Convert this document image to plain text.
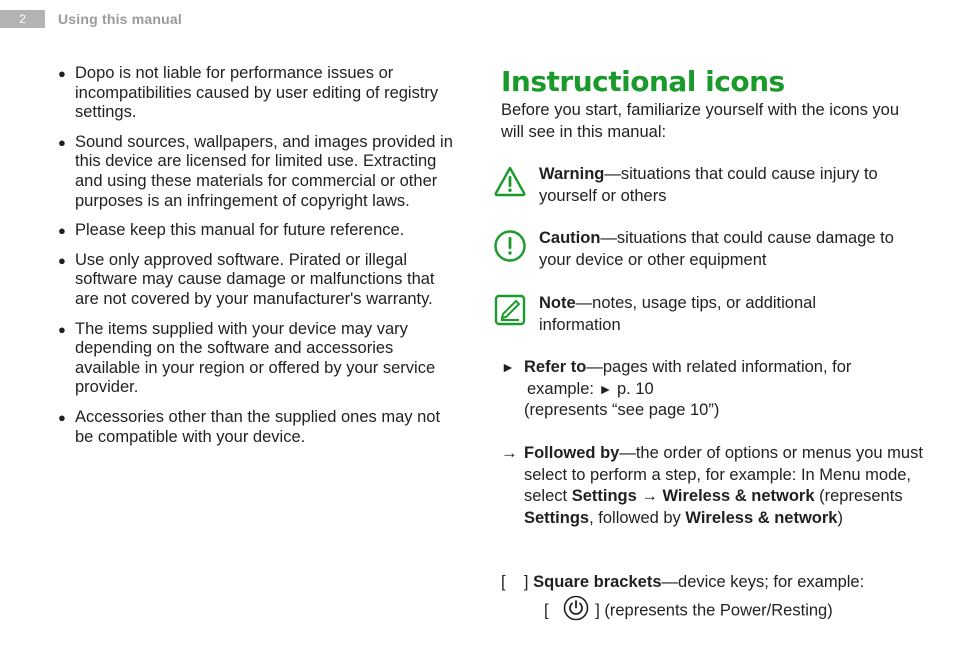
2	Using this manual
● Dopo is not liable for performance issues or incompatibilities caused by user editing of registry settings.
● Sound sources, wallpapers, and images provided in this device are licensed for limited use. Extracting and using these materials for commercial or other purposes is an infringement of copyright laws.
● Please keep this manual for future reference.
● Use only approved software. Pirated or illegal software may cause damage or malfunctions that are not covered by your manufacturer's warranty.
● The items supplied with your device may vary depending on the software and accessories available in your region or offered by your service provider.
● Accessories other than the supplied ones may not be compatible with your device.
Instructional icons
Before you start, familiarize yourself with the icons you will see in this manual:
Warning—situations that could cause injury to yourself or others
Caution—situations that could cause damage to your device or other equipment
Note—notes, usage tips, or additional information
► Refer to—pages with related information, for
example: ► p. 10
(represents “see page 10”)
→ Followed by—the order of options or menus you must select to perform a step, for example: In Menu mode, select Settings → Wireless & network (represents Settings, followed by Wireless & network)
[    ] Square brackets—device keys; for example:
[	] (represents the Power/Resting)
